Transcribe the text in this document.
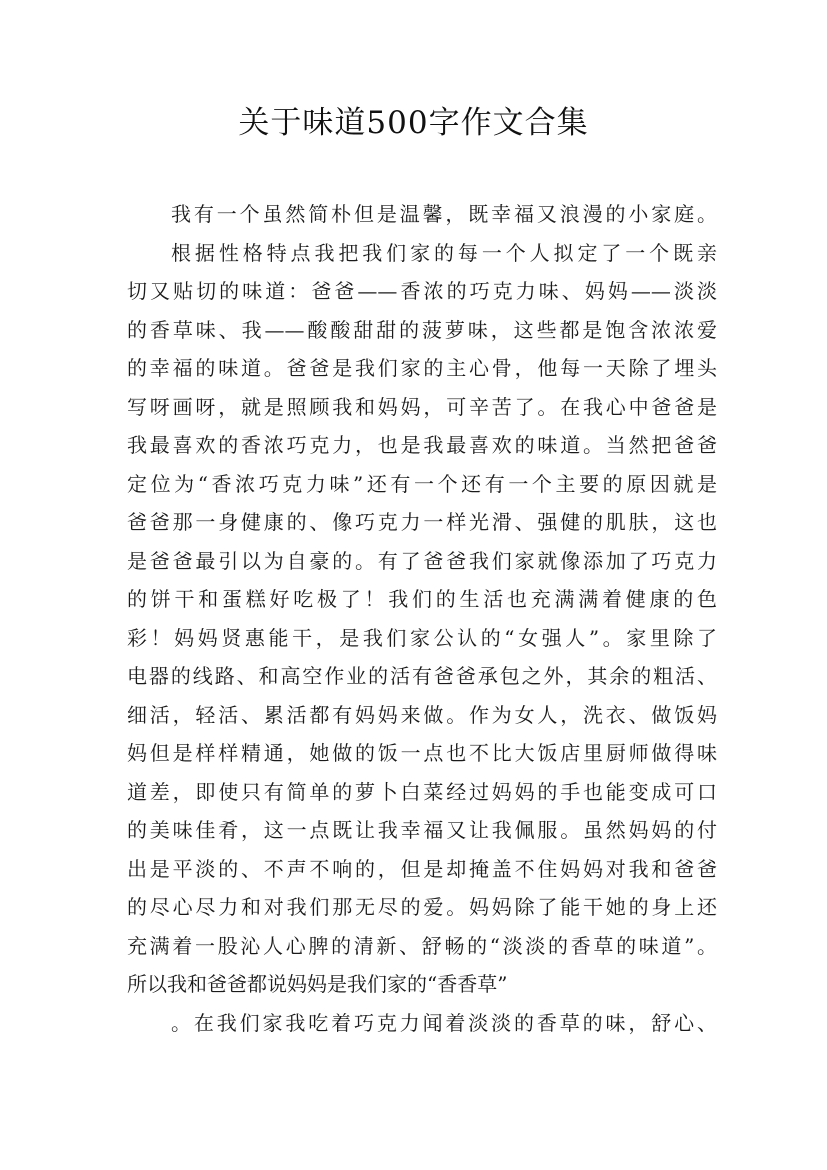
关于味道500字作文合集
我有一个虽然简朴但是温馨，既幸福又浪漫的小家庭。
根据性格特点我把我们家的每一个人拟定了一个既亲
切又贴切的味道：爸爸——香浓的巧克力味、妈妈——淡淡
的香草味、我——酸酸甜甜的菠萝味，这些都是饱含浓浓爱
的幸福的味道。爸爸是我们家的主心骨，他每一天除了埋头
写呀画呀，就是照顾我和妈妈，可辛苦了。在我心中爸爸是
我最喜欢的香浓巧克力，也是我最喜欢的味道。当然把爸爸
定位为“香浓巧克力味”还有一个还有一个主要的原因就是
爸爸那一身健康的、像巧克力一样光滑、强健的肌肤，这也
是爸爸最引以为自豪的。有了爸爸我们家就像添加了巧克力
的饼干和蛋糕好吃极了！我们的生活也充满满着健康的色
彩！妈妈贤惠能干，是我们家公认的“女强人”。家里除了
电器的线路、和高空作业的活有爸爸承包之外，其余的粗活、
细活，轻活、累活都有妈妈来做。作为女人，洗衣、做饭妈
妈但是样样精通，她做的饭一点也不比大饭店里厨师做得味
道差，即使只有简单的萝卜白菜经过妈妈的手也能变成可口
的美味佳肴，这一点既让我幸福又让我佩服。虽然妈妈的付
出是平淡的、不声不响的，但是却掩盖不住妈妈对我和爸爸
的尽心尽力和对我们那无尽的爱。妈妈除了能干她的身上还
充满着一股沁人心脾的清新、舒畅的“淡淡的香草的味道”。
所以我和爸爸都说妈妈是我们家的“香香草”
。在我们家我吃着巧克力闻着淡淡的香草的味，舒心、
